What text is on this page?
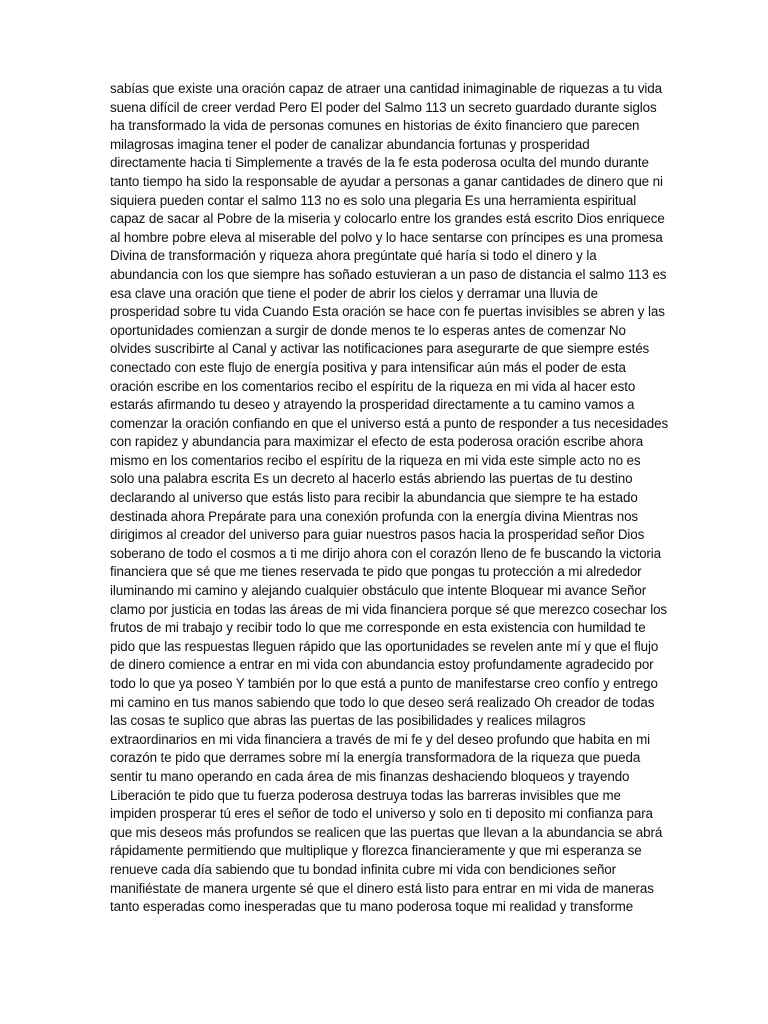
sabías que existe una oración capaz de atraer una cantidad inimaginable de riquezas a tu vida
suena difícil de creer verdad Pero El poder del Salmo 113 un secreto guardado durante siglos
ha transformado la vida de personas comunes en historias de éxito financiero que parecen
milagrosas imagina tener el poder de canalizar abundancia fortunas y prosperidad
directamente hacia ti Simplemente a través de la fe esta poderosa oculta del mundo durante
tanto tiempo ha sido la responsable de ayudar a personas a ganar cantidades de dinero que ni
siquiera pueden contar el salmo 113 no es solo una plegaria Es una herramienta espiritual
capaz de sacar al Pobre de la miseria y colocarlo entre los grandes está escrito Dios enriquece
al hombre pobre eleva al miserable del polvo y lo hace sentarse con príncipes es una promesa
Divina de transformación y riqueza ahora pregúntate qué haría si todo el dinero y la
abundancia con los que siempre has soñado estuvieran a un paso de distancia el salmo 113 es
esa clave una oración que tiene el poder de abrir los cielos y derramar una lluvia de
prosperidad sobre tu vida Cuando Esta oración se hace con fe puertas invisibles se abren y las
oportunidades comienzan a surgir de donde menos te lo esperas antes de comenzar No
olvides suscribirte al Canal y activar las notificaciones para asegurarte de que siempre estés
conectado con este flujo de energía positiva y para intensificar aún más el poder de esta
oración escribe en los comentarios recibo el espíritu de la riqueza en mi vida al hacer esto
estarás afirmando tu deseo y atrayendo la prosperidad directamente a tu camino vamos a
comenzar la oración confiando en que el universo está a punto de responder a tus necesidades
con rapidez y abundancia para maximizar el efecto de esta poderosa oración escribe ahora
mismo en los comentarios recibo el espíritu de la riqueza en mi vida este simple acto no es
solo una palabra escrita Es un decreto al hacerlo estás abriendo las puertas de tu destino
declarando al universo que estás listo para recibir la abundancia que siempre te ha estado
destinada ahora Prepárate para una conexión profunda con la energía divina Mientras nos
dirigimos al creador del universo para guiar nuestros pasos hacia la prosperidad señor Dios
soberano de todo el cosmos a ti me dirijo ahora con el corazón lleno de fe buscando la victoria
financiera que sé que me tienes reservada te pido que pongas tu protección a mi alrededor
iluminando mi camino y alejando cualquier obstáculo que intente Bloquear mi avance Señor
clamo por justicia en todas las áreas de mi vida financiera porque sé que merezco cosechar los
frutos de mi trabajo y recibir todo lo que me corresponde en esta existencia con humildad te
pido que las respuestas lleguen rápido que las oportunidades se revelen ante mí y que el flujo
de dinero comience a entrar en mi vida con abundancia estoy profundamente agradecido por
todo lo que ya poseo Y también por lo que está a punto de manifestarse creo confío y entrego
mi camino en tus manos sabiendo que todo lo que deseo será realizado Oh creador de todas
las cosas te suplico que abras las puertas de las posibilidades y realices milagros
extraordinarios en mi vida financiera a través de mi fe y del deseo profundo que habita en mi
corazón te pido que derrames sobre mí la energía transformadora de la riqueza que pueda
sentir tu mano operando en cada área de mis finanzas deshaciendo bloqueos y trayendo
Liberación te pido que tu fuerza poderosa destruya todas las barreras invisibles que me
impiden prosperar tú eres el señor de todo el universo y solo en ti deposito mi confianza para
que mis deseos más profundos se realicen que las puertas que llevan a la abundancia se abrá
rápidamente permitiendo que multiplique y florezca financieramente y que mi esperanza se
renueve cada día sabiendo que tu bondad infinita cubre mi vida con bendiciones señor
manifiéstate de manera urgente sé que el dinero está listo para entrar en mi vida de maneras
tanto esperadas como inesperadas que tu mano poderosa toque mi realidad y transforme
